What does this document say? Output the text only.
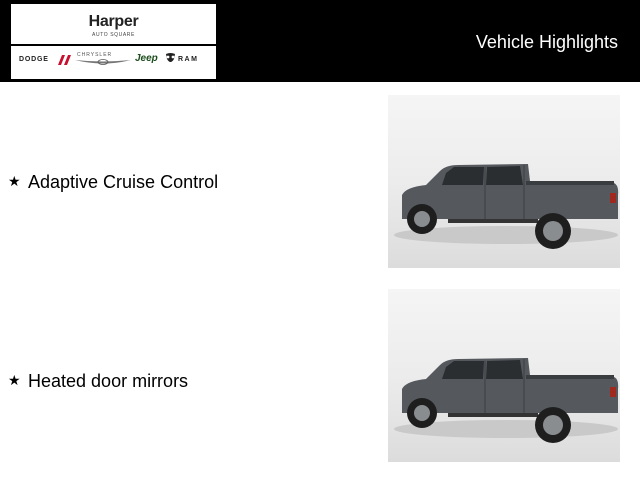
Harper
AUTO SQUARE
DODGE
CHRYSLER Jeep	RAM
Vehicle Highlights
★ Adaptive Cruise Control
★ Heated door mirrors
